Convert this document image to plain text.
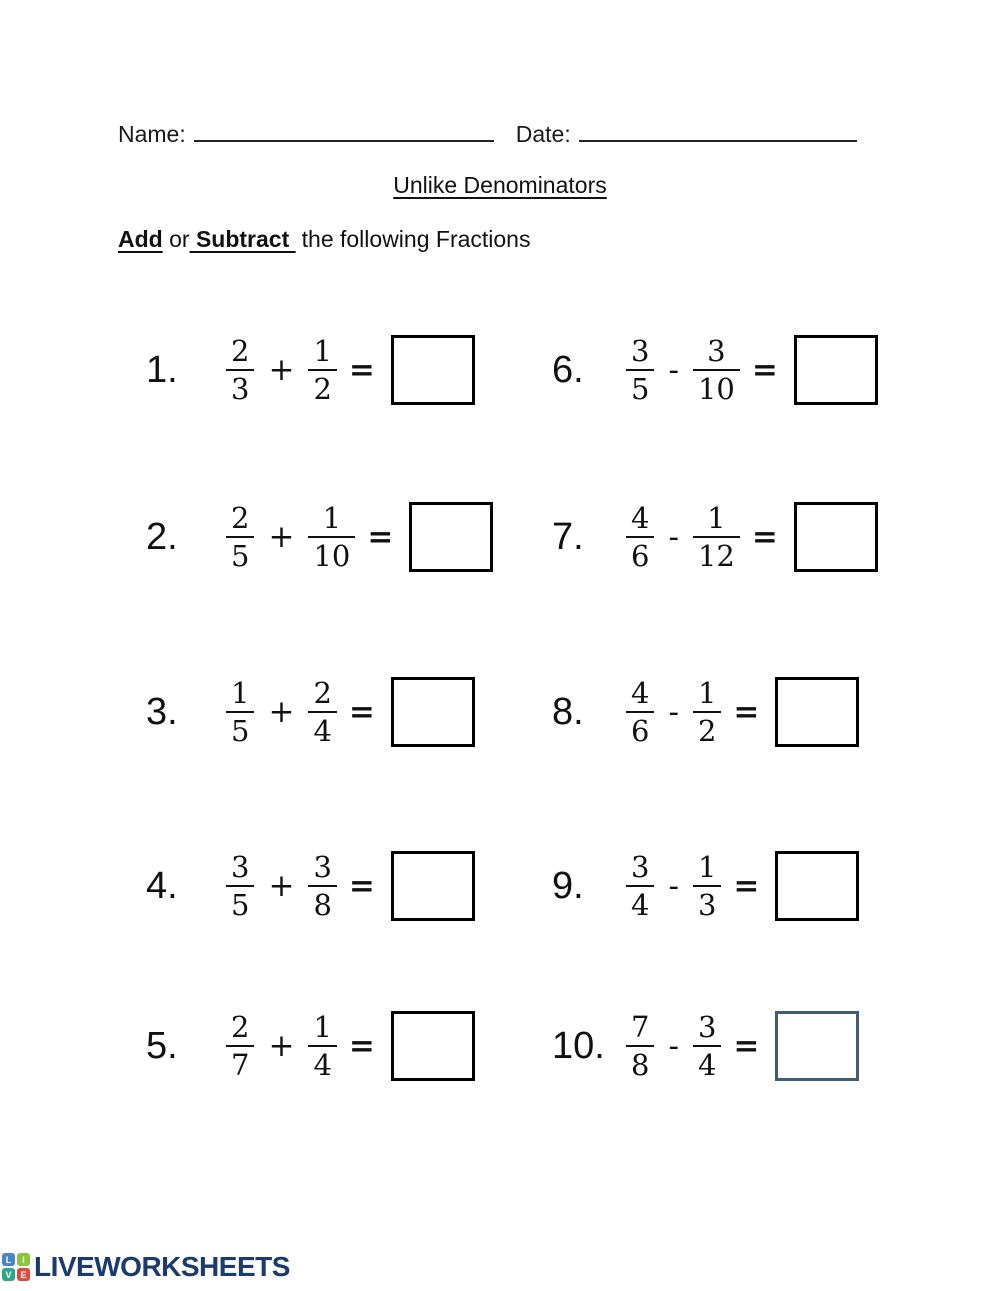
Name:	Date:
Unlike Denominators
Add or Subtract the following Fractions
1.	$\frac{2}{3} + \frac{1}{2}$ =	6.	$\frac{3}{5} - \frac{3}{10}$ =
2.	$\frac{2}{5} + \frac{1}{10}$ =	7.	$\frac{4}{6} - \frac{1}{12}$ =
3.	$\frac{1}{5} + \frac{2}{4}$ =	8.	$\frac{4}{6} - \frac{1}{2}$ =
4.	$\frac{3}{5} + \frac{3}{8}$ =	9.	$\frac{3}{4} - \frac{1}{3}$ =
5.	$\frac{2}{7} + \frac{1}{4}$ =	10. $\frac{7}{8} - \frac{3}{4}$ =
L	I
V E LIVEWORKSHEETS
